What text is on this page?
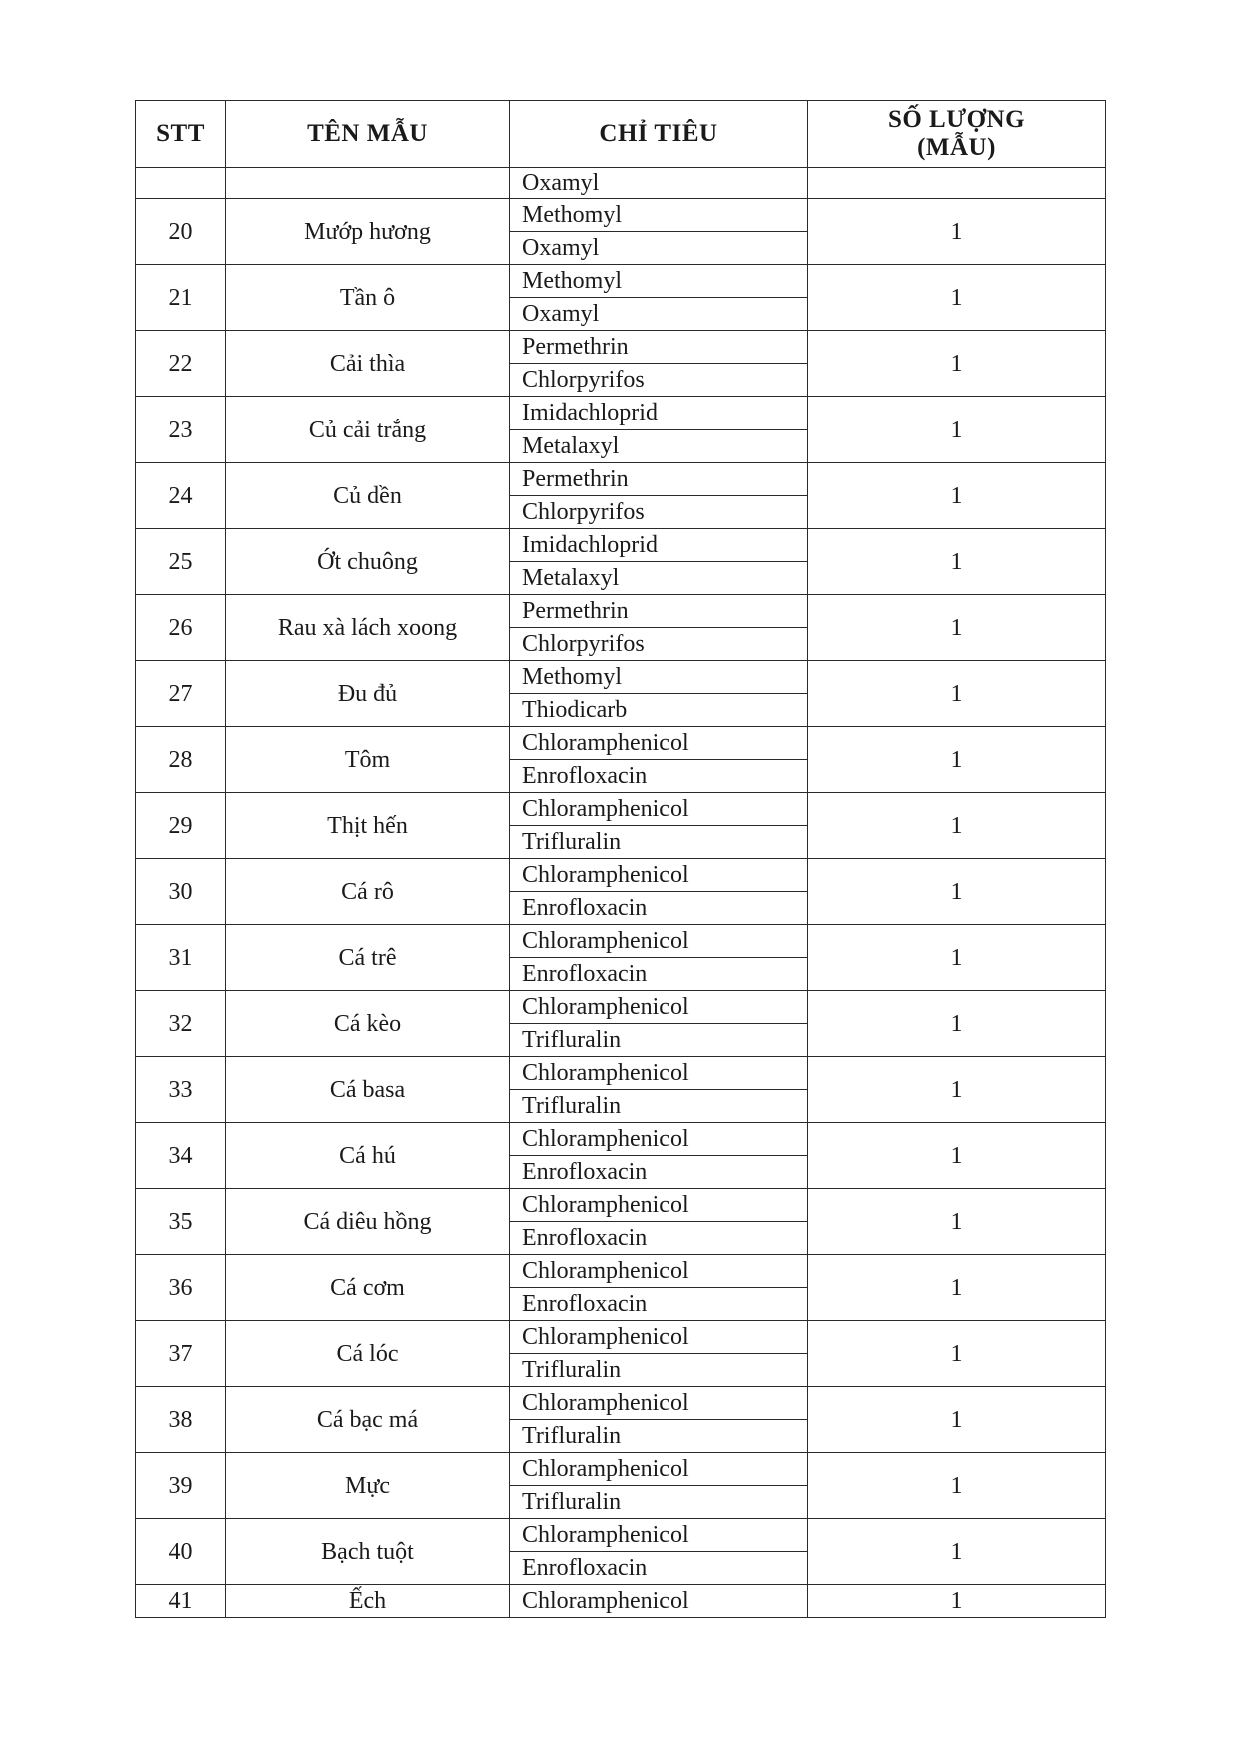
STT	TÊN MẪU	CHỈ TIÊU	SỐ LƯỢNG
(MẪU)

		Oxamyl	
20	Mướp hương	Methomyl	1
		Oxamyl	
21	Tần ô	Methomyl	1
		Oxamyl	
22	Cải thìa	Permethrin	1
		Chlorpyrifos	
23	Củ cải trắng	Imidachloprid	1
		Metalaxyl	
24	Củ dền	Permethrin	1
		Chlorpyrifos	
25	Ớt chuông	Imidachloprid	1
		Metalaxyl	
26	Rau xà lách xoong	Permethrin	1
		Chlorpyrifos	
27	Đu đủ	Methomyl	1
		Thiodicarb	
28	Tôm	Chloramphenicol	1
		Enrofloxacin	
29	Thịt hến	Chloramphenicol	1
		Trifluralin	
30	Cá rô	Chloramphenicol	1
		Enrofloxacin	
31	Cá trê	Chloramphenicol	1
		Enrofloxacin	
32	Cá kèo	Chloramphenicol	1
		Trifluralin	
33	Cá basa	Chloramphenicol	1
		Trifluralin	
34	Cá hú	Chloramphenicol	1
		Enrofloxacin	
35	Cá diêu hồng	Chloramphenicol	1
		Enrofloxacin	
36	Cá cơm	Chloramphenicol	1
		Enrofloxacin	
37	Cá lóc	Chloramphenicol	1
		Trifluralin	
38	Cá bạc má	Chloramphenicol	1
		Trifluralin	
39	Mực	Chloramphenicol	1
		Trifluralin	
40	Bạch tuột	Chloramphenicol	1
		Enrofloxacin	
41	Ếch	Chloramphenicol	1
